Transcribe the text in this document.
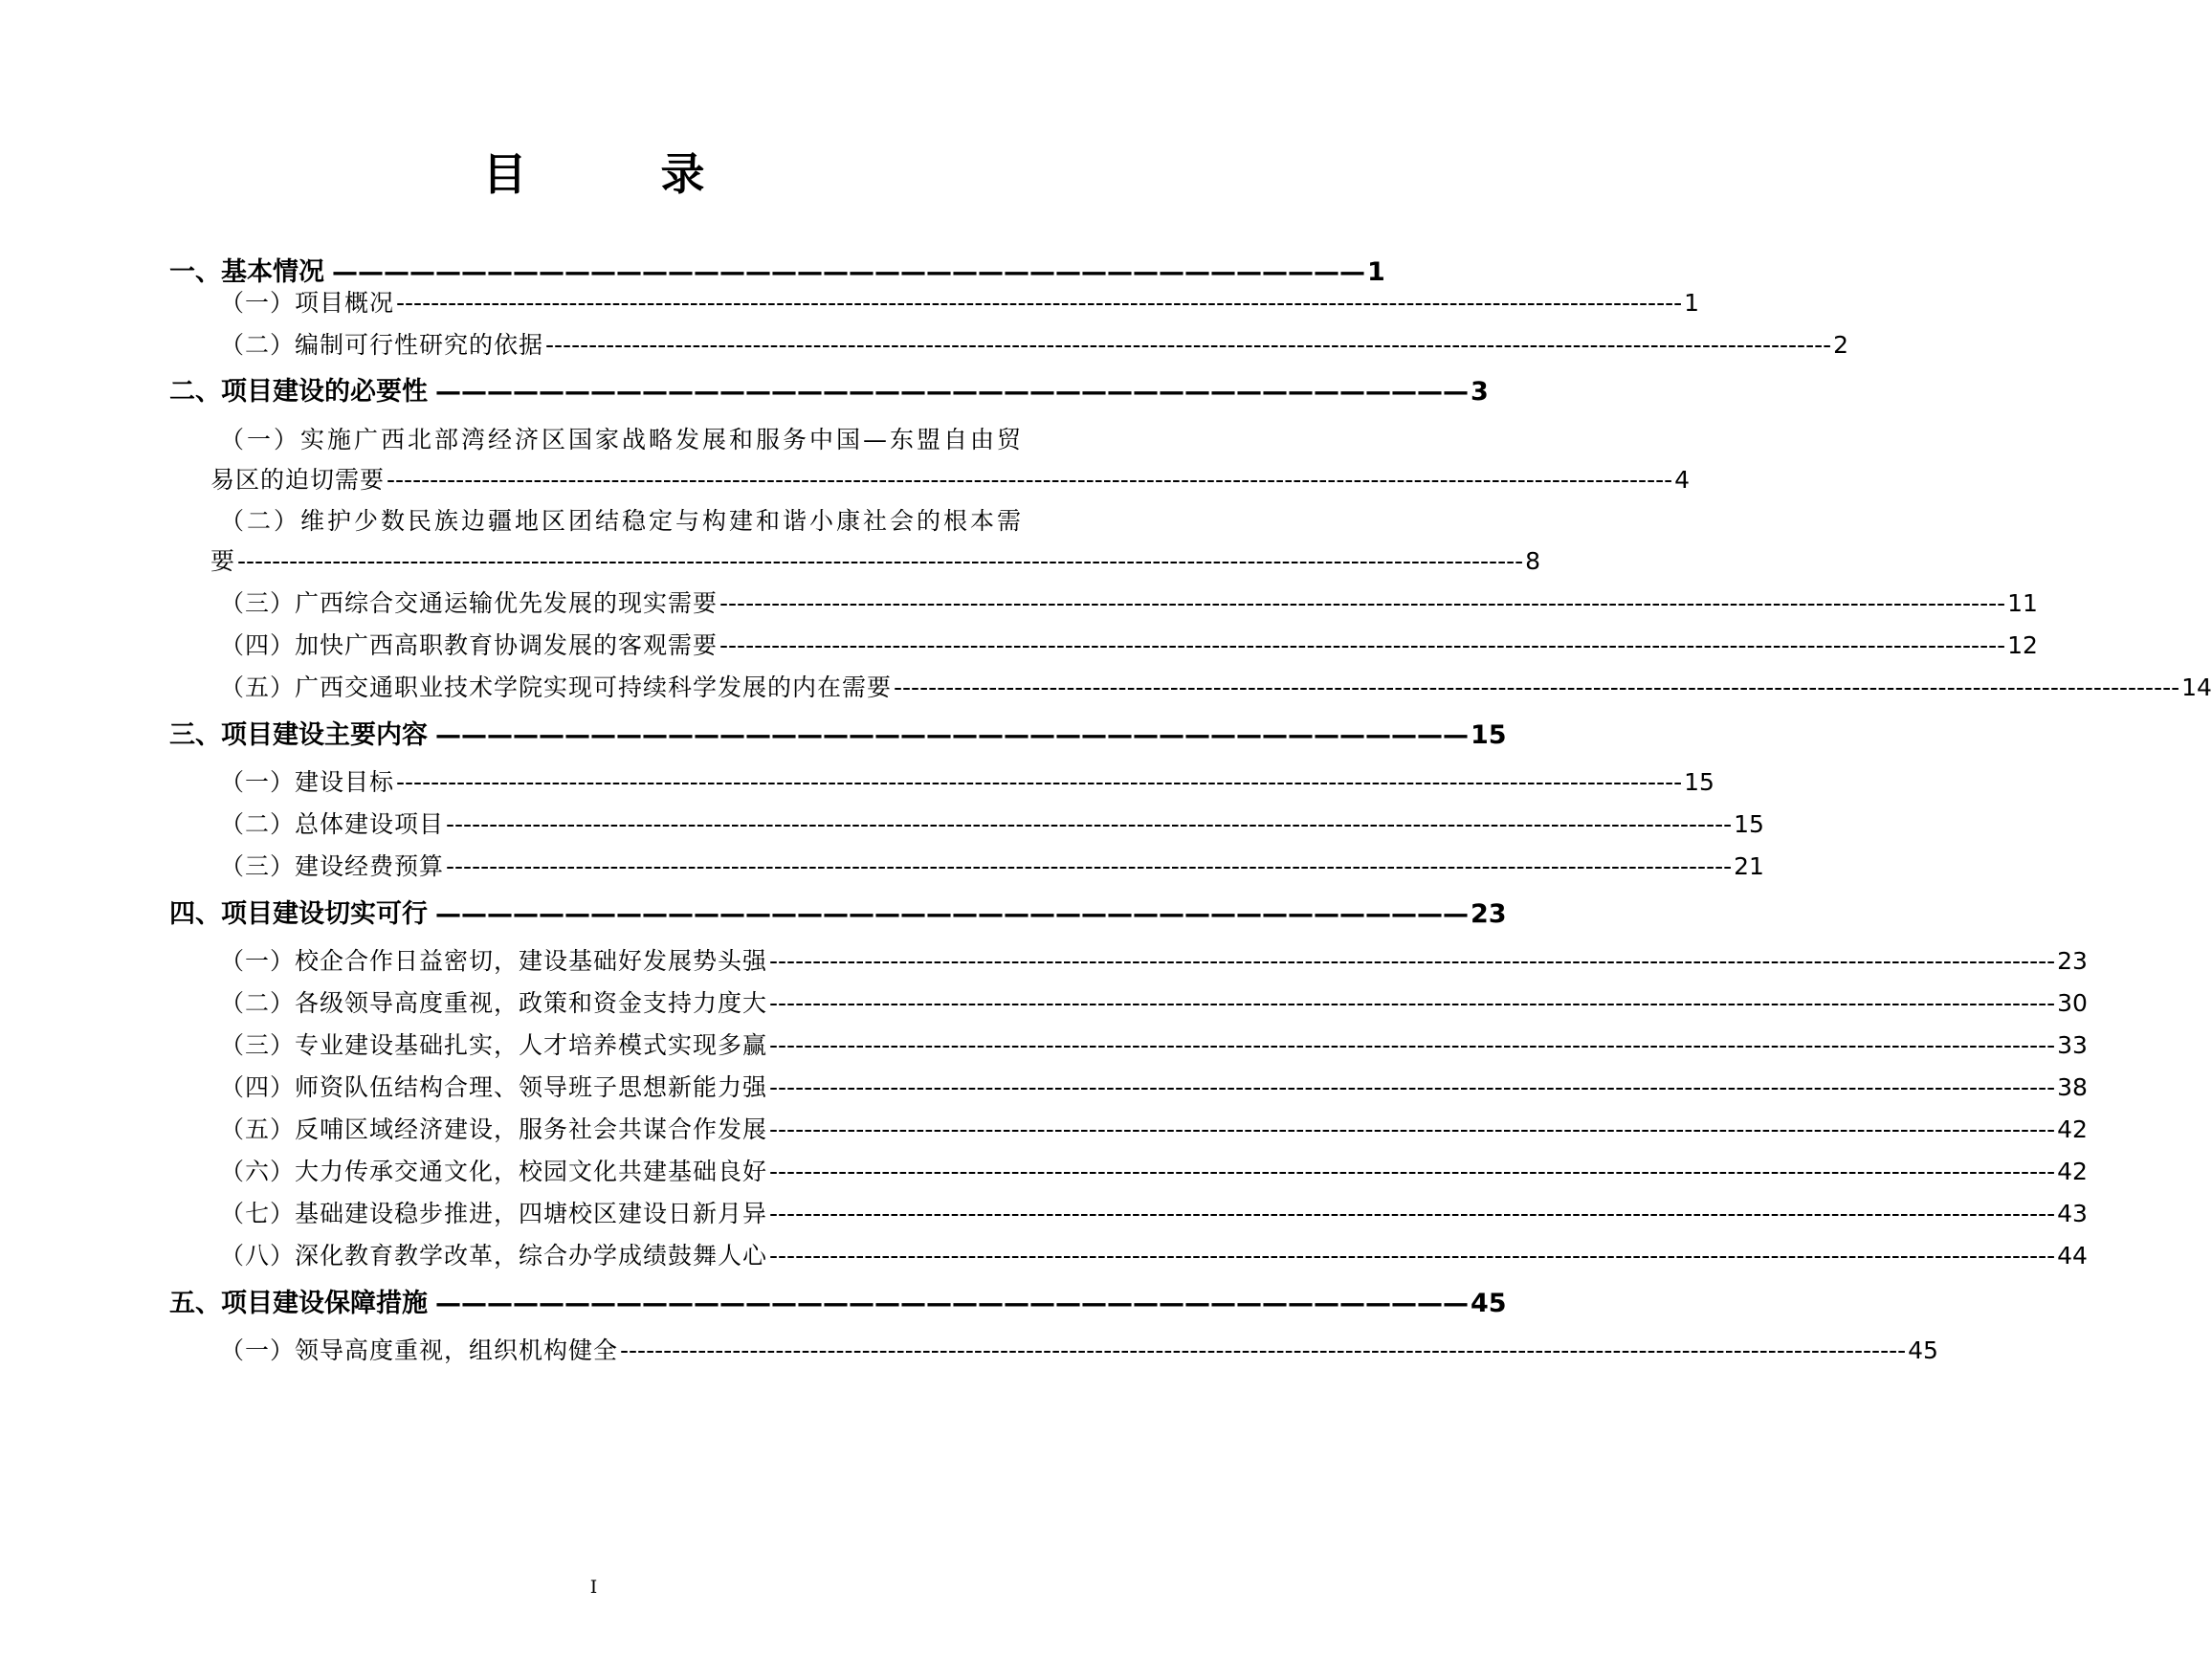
目 录
一、基本情况 ———————————————————————————————————————— 1
（一）项目概况 ----------------------------------------------------------------------------------------------------------------------------------------------------- 1
（二）编制可行性研究的依据 ----------------------------------------------------------------------------------------------------------------------------------------------------- 2
二、项目建设的必要性 ———————————————————————————————————————— 3
（一）实施广西北部湾经济区国家战略发展和服务中国—东盟自由贸
易区的迫切需要 ----------------------------------------------------------------------------------------------------------------------------------------------------- 4
（二）维护少数民族边疆地区团结稳定与构建和谐小康社会的根本需
要 ----------------------------------------------------------------------------------------------------------------------------------------------------- 8
（三）广西综合交通运输优先发展的现实需要 ----------------------------------------------------------------------------------------------------------------------------------------------------- 11
（四）加快广西高职教育协调发展的客观需要 ----------------------------------------------------------------------------------------------------------------------------------------------------- 12
（五）广西交通职业技术学院实现可持续科学发展的内在需要 ----------------------------------------------------------------------------------------------------------------------------------------------------- 14
三、项目建设主要内容 ———————————————————————————————————————— 15
（一）建设目标 ----------------------------------------------------------------------------------------------------------------------------------------------------- 15
（二）总体建设项目 ----------------------------------------------------------------------------------------------------------------------------------------------------- 15
（三）建设经费预算 ----------------------------------------------------------------------------------------------------------------------------------------------------- 21
四、项目建设切实可行 ———————————————————————————————————————— 23
（一）校企合作日益密切，建设基础好发展势头强 ----------------------------------------------------------------------------------------------------------------------------------------------------- 23
（二）各级领导高度重视，政策和资金支持力度大 ----------------------------------------------------------------------------------------------------------------------------------------------------- 30
（三）专业建设基础扎实，人才培养模式实现多赢 ----------------------------------------------------------------------------------------------------------------------------------------------------- 33
（四）师资队伍结构合理、领导班子思想新能力强 ----------------------------------------------------------------------------------------------------------------------------------------------------- 38
（五）反哺区域经济建设，服务社会共谋合作发展 ----------------------------------------------------------------------------------------------------------------------------------------------------- 42
（六）大力传承交通文化，校园文化共建基础良好 ----------------------------------------------------------------------------------------------------------------------------------------------------- 42
（七）基础建设稳步推进，四塘校区建设日新月异 ----------------------------------------------------------------------------------------------------------------------------------------------------- 43
（八）深化教育教学改革，综合办学成绩鼓舞人心 ----------------------------------------------------------------------------------------------------------------------------------------------------- 44
五、项目建设保障措施 ———————————————————————————————————————— 45
（一）领导高度重视，组织机构健全 ----------------------------------------------------------------------------------------------------------------------------------------------------- 45
I
